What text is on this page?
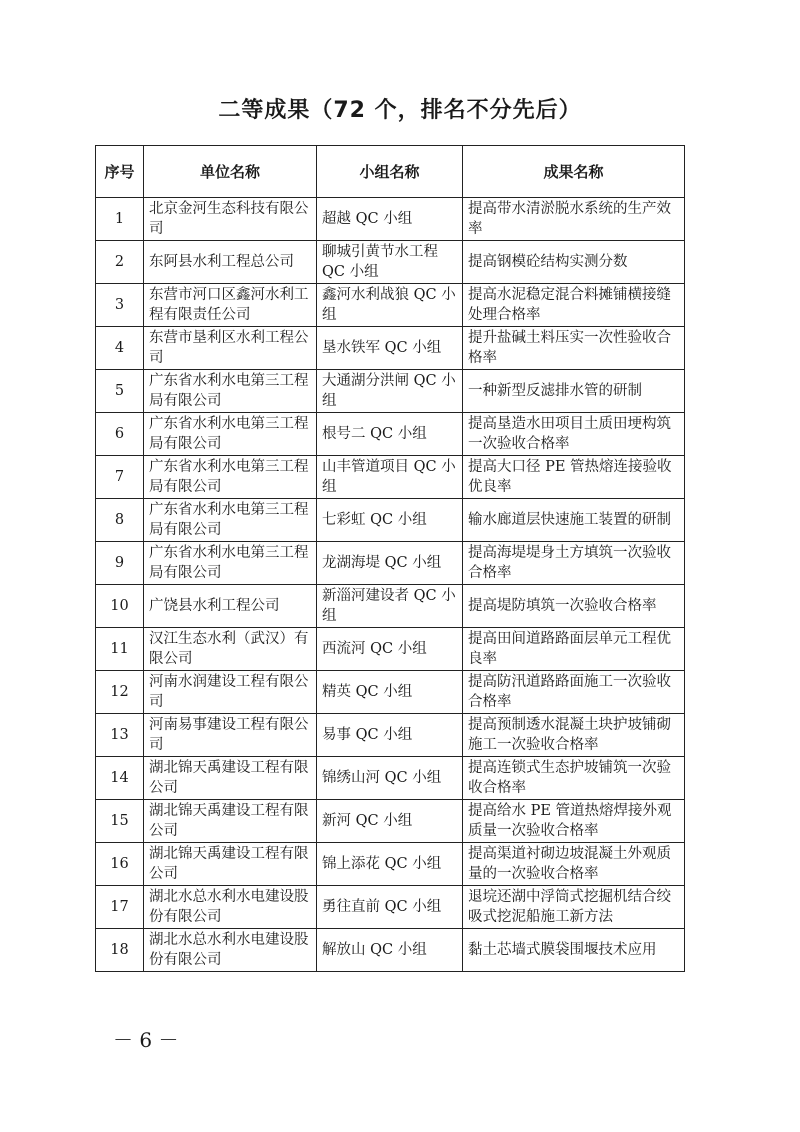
二等成果（72 个，排名不分先后）
序号	单位名称	小组名称	成果名称
1	北京金河生态科技有限公司	超越 QC 小组	提高带水清淤脱水系统的生产效率
2	东阿县水利工程总公司	聊城引黄节水工程 QC 小组	提高钢模砼结构实测分数
3	东营市河口区鑫河水利工程有限责任公司	鑫河水利战狼 QC 小组	提高水泥稳定混合料摊铺横接缝处理合格率
4	东营市垦利区水利工程公司	垦水铁军 QC 小组	提升盐碱土料压实一次性验收合格率
5	广东省水利水电第三工程局有限公司	大通湖分洪闸 QC 小组	一种新型反滤排水管的研制
6	广东省水利水电第三工程局有限公司	根号二 QC 小组	提高垦造水田项目土质田埂构筑一次验收合格率
7	广东省水利水电第三工程局有限公司	山丰管道项目 QC 小组	提高大口径 PE 管热熔连接验收优良率
8	广东省水利水电第三工程局有限公司	七彩虹 QC 小组	输水廊道层快速施工装置的研制
9	广东省水利水电第三工程局有限公司	龙湖海堤 QC 小组	提高海堤堤身土方填筑一次验收合格率
10	广饶县水利工程公司	新淄河建设者 QC 小组	提高堤防填筑一次验收合格率
11	汉江生态水利（武汉）有限公司	西流河 QC 小组	提高田间道路路面层单元工程优良率
12	河南水润建设工程有限公司	精英 QC 小组	提高防汛道路路面施工一次验收合格率
13	河南易事建设工程有限公司	易事 QC 小组	提高预制透水混凝土块护坡铺砌施工一次验收合格率
14	湖北锦天禹建设工程有限公司	锦绣山河 QC 小组	提高连锁式生态护坡铺筑一次验收合格率
15	湖北锦天禹建设工程有限公司	新河 QC 小组	提高给水 PE 管道热熔焊接外观质量一次验收合格率
16	湖北锦天禹建设工程有限公司	锦上添花 QC 小组	提高渠道衬砌边坡混凝土外观质量的一次验收合格率
17	湖北水总水利水电建设股份有限公司	勇往直前 QC 小组	退垸还湖中浮筒式挖掘机结合绞吸式挖泥船施工新方法
18	湖北水总水利水电建设股份有限公司	解放山 QC 小组	黏土芯墙式膜袋围堰技术应用
－ 6 －
